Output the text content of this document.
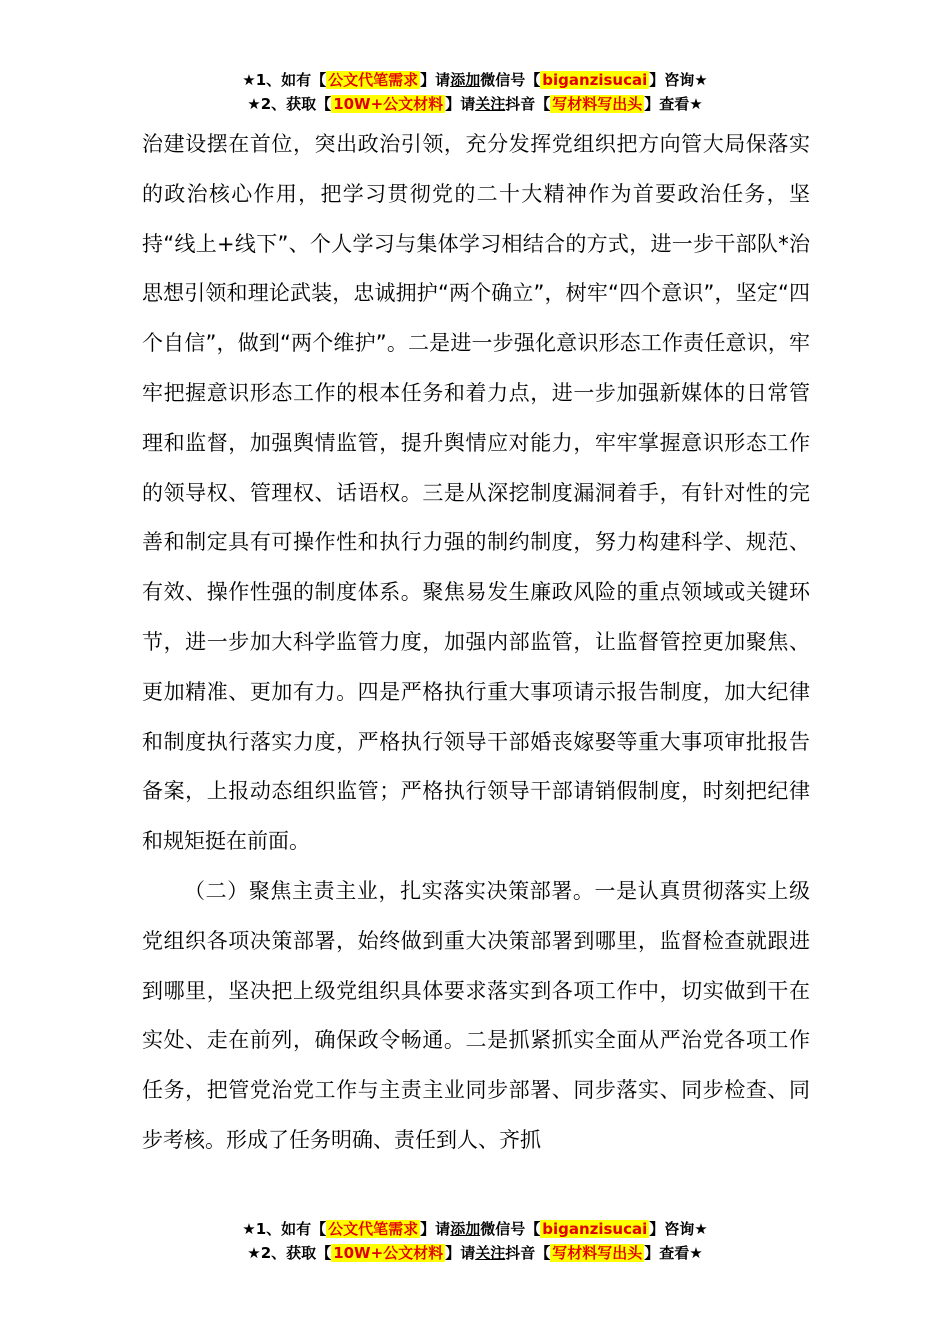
★1、如有【 公文代笔需求 】请添加微信号【 biganzisucai 】咨询★
★2、获取【 10W+公文材料 】请关注抖音【 写材料写出头 】查看★

治建设摆在首位，突出政治引领，充分发挥党组织把方向管大局保落实的政治核心作用，把学习贯彻党的二十大精神作为首要政治任务，坚持“线上+线下”、个人学习与集体学习相结合的方式，进一步干部队*治思想引领和理论武装，忠诚拥护“两个确立”，树牢“四个意识”，坚定“四个自信”，做到“两个维护”。二是进一步强化意识形态工作责任意识，牢牢把握意识形态工作的根本任务和着力点，进一步加强新媒体的日常管理和监督，加强舆情监管，提升舆情应对能力，牢牢掌握意识形态工作的领导权、管理权、话语权。三是从深挖制度漏洞着手，有针对性的完善和制定具有可操作性和执行力强的制约制度，努力构建科学、规范、有效、操作性强的制度体系。聚焦易发生廉政风险的重点领域或关键环节，进一步加大科学监管力度，加强内部监管，让监督管控更加聚焦、更加精准、更加有力。四是严格执行重大事项请示报告制度，加大纪律和制度执行落实力度，严格执行领导干部婚丧嫁娶等重大事项审批报告备案，上报动态组织监管；严格执行领导干部请销假制度，时刻把纪律和规矩挺在前面。

（二）聚焦主责主业，扎实落实决策部署。一是认真贯彻落实上级党组织各项决策部署，始终做到重大决策部署到哪里，监督检查就跟进到哪里，坚决把上级党组织具体要求落实到各项工作中，切实做到干在实处、走在前列，确保政令畅通。二是抓紧抓实全面从严治党各项工作任务，把管党治党工作与主责主业同步部署、同步落实、同步检查、同步考核。形成了任务明确、责任到人、齐抓

★1、如有【 公文代笔需求 】请添加微信号【 biganzisucai 】咨询★
★2、获取【 10W+公文材料 】请关注抖音【 写材料写出头 】查看★
